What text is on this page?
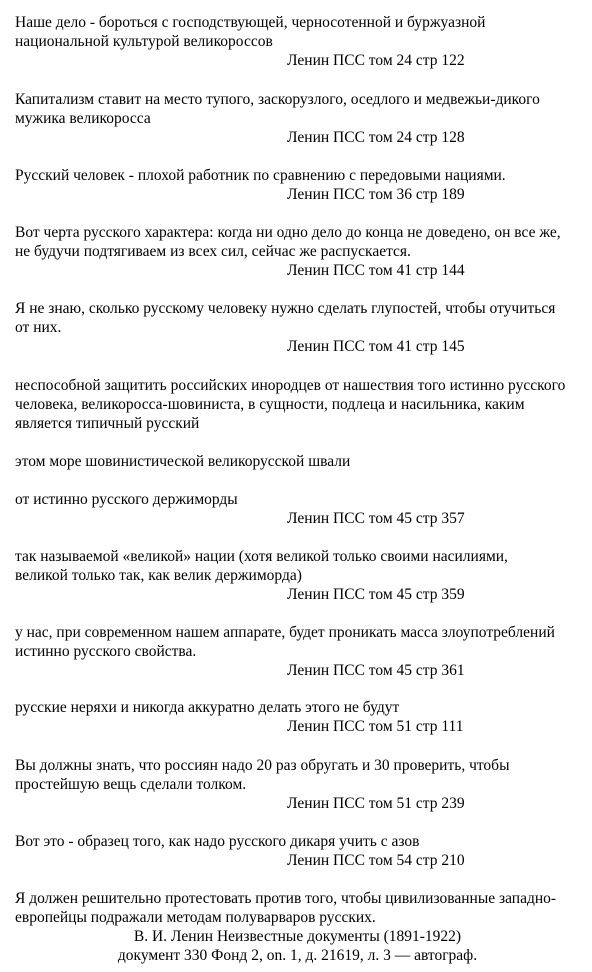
Наше дело - бороться с господствующей, черносотенной и буржуазной
национальной культурой великороссов
Ленин ПСС том 24 стр 122
Капитализм ставит на место тупого, заскорузлого, оседлого и медвежьи-дикого
мужика великоросса
Ленин ПСС том 24 стр 128
Русский человек - плохой работник по сравнению с передовыми нациями.
Ленин ПСС том 36 стр 189
Вот черта русского характера: когда ни одно дело до конца не доведено, он все же,
не будучи подтягиваем из всех сил, сейчас же распускается.
Ленин ПСС том 41 стр 144
Я не знаю, сколько русскому человеку нужно сделать глупостей, чтобы отучиться
от них.
Ленин ПСС том 41 стр 145
неспособной защитить российских инородцев от нашествия того истинно русского
человека, великоросса-шовиниста, в сущности, подлеца и насильника, каким
является типичный русский
этом море шовинистической великорусской швали
от истинно русского держиморды
Ленин ПСС том 45 стр 357
так называемой «великой» нации (хотя великой только своими насилиями,
великой только так, как велик держиморда)
Ленин ПСС том 45 стр 359
у нас, при современном нашем аппарате, будет проникать масса злоупотреблений
истинно русского свойства.
Ленин ПСС том 45 стр 361
русские неряхи и никогда аккуратно делать этого не будут
Ленин ПСС том 51 стр 111
Вы должны знать, что россиян надо 20 раз обругать и 30 проверить, чтобы
простейшую вещь сделали толком.
Ленин ПСС том 51 стр 239
Вот это - образец того, как надо русского дикаря учить с азов
Ленин ПСС том 54 стр 210
Я должен решительно протестовать против того, чтобы цивилизованные западно-
европейцы подражали методам полуварваров русских.
В. И. Ленин Неизвестные документы (1891-1922)
документ 330 Фонд 2, on. 1, д. 21619, л. 3 — автограф.
